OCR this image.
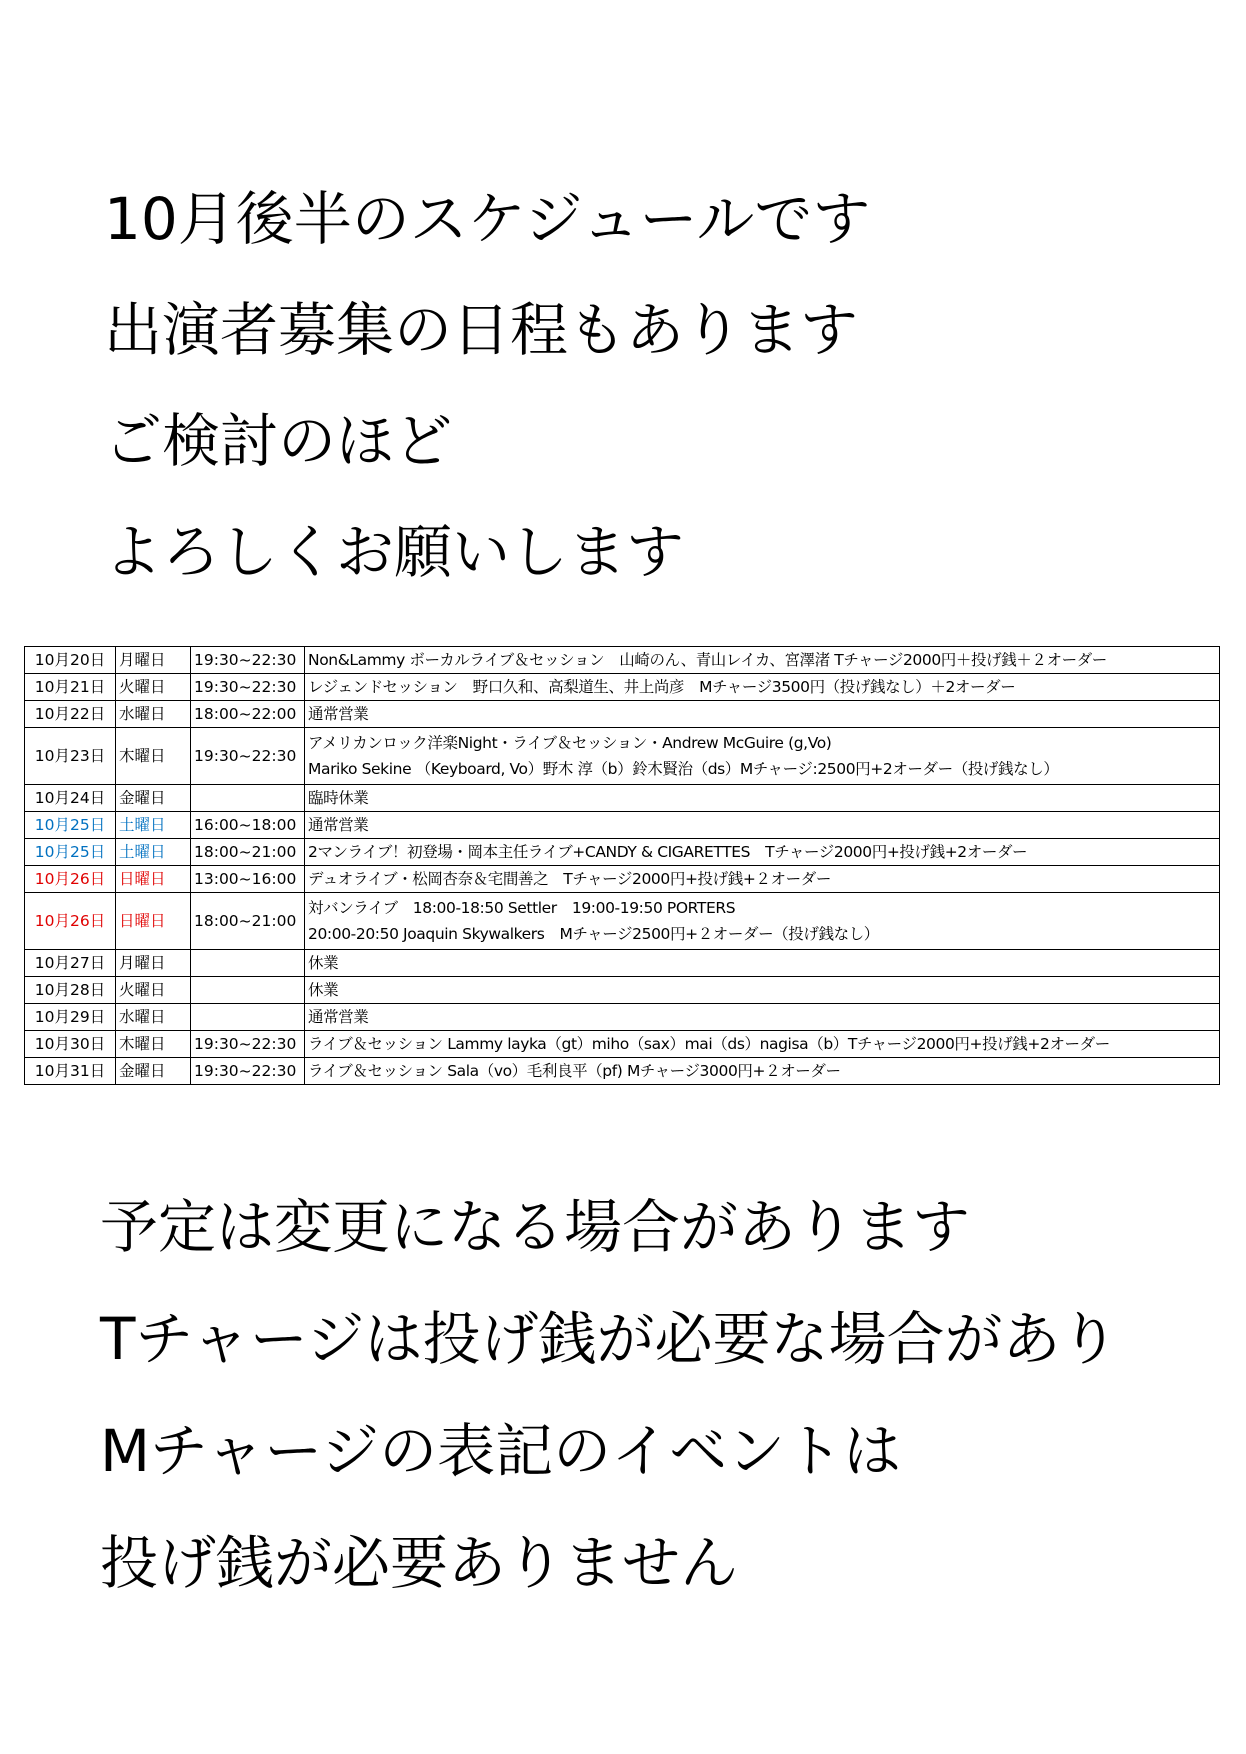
10月後半のスケジュールです
出演者募集の日程もあります
ご検討のほど
よろしくお願いします
10月20日	月曜日	19:30~22:30	Non&Lammy ボーカルライブ＆セッション　山崎のん、青山レイカ、宮澤渚 Tチャージ2000円＋投げ銭＋２オーダー

10月21日	火曜日	19:30~22:30	レジェンドセッション　野口久和、高梨道生、井上尚彦　Mチャージ3500円（投げ銭なし）＋2オーダー

10月22日	水曜日	18:00~22:00	通常営業

10月23日	木曜日	19:30~22:30	アメリカンロック洋楽Night・ライブ＆セッション・Andrew McGuire (g,Vo)
Mariko Sekine （Keyboard, Vo）野木 淳（b）鈴木賢治（ds）Mチャージ:2500円+2オーダー（投げ銭なし）

10月24日	金曜日		臨時休業

10月25日	土曜日	16:00~18:00	通常営業

10月25日	土曜日	18:00~21:00	2マンライブ！初登場・岡本主任ライブ+CANDY & CIGARETTES　Tチャージ2000円+投げ銭+2オーダー

10月26日	日曜日	13:00~16:00	デュオライブ・松岡杏奈＆宅間善之　Tチャージ2000円+投げ銭+２オーダー

10月26日	日曜日	18:00~21:00	対バンライブ　18:00-18:50 Settler　19:00-19:50 PORTERS
20:00-20:50 Joaquin Skywalkers　Mチャージ2500円+２オーダー（投げ銭なし）

10月27日	月曜日		休業

10月28日	火曜日		休業

10月29日	水曜日		通常営業

10月30日	木曜日	19:30~22:30	ライブ＆セッション Lammy layka（gt）miho（sax）mai（ds）nagisa（b）Tチャージ2000円+投げ銭+2オーダー

10月31日	金曜日	19:30~22:30	ライブ＆セッション Sala（vo）毛利良平（pf) Mチャージ3000円+２オーダー
予定は変更になる場合があります
Tチャージは投げ銭が必要な場合があり
Mチャージの表記のイベントは
投げ銭が必要ありません
